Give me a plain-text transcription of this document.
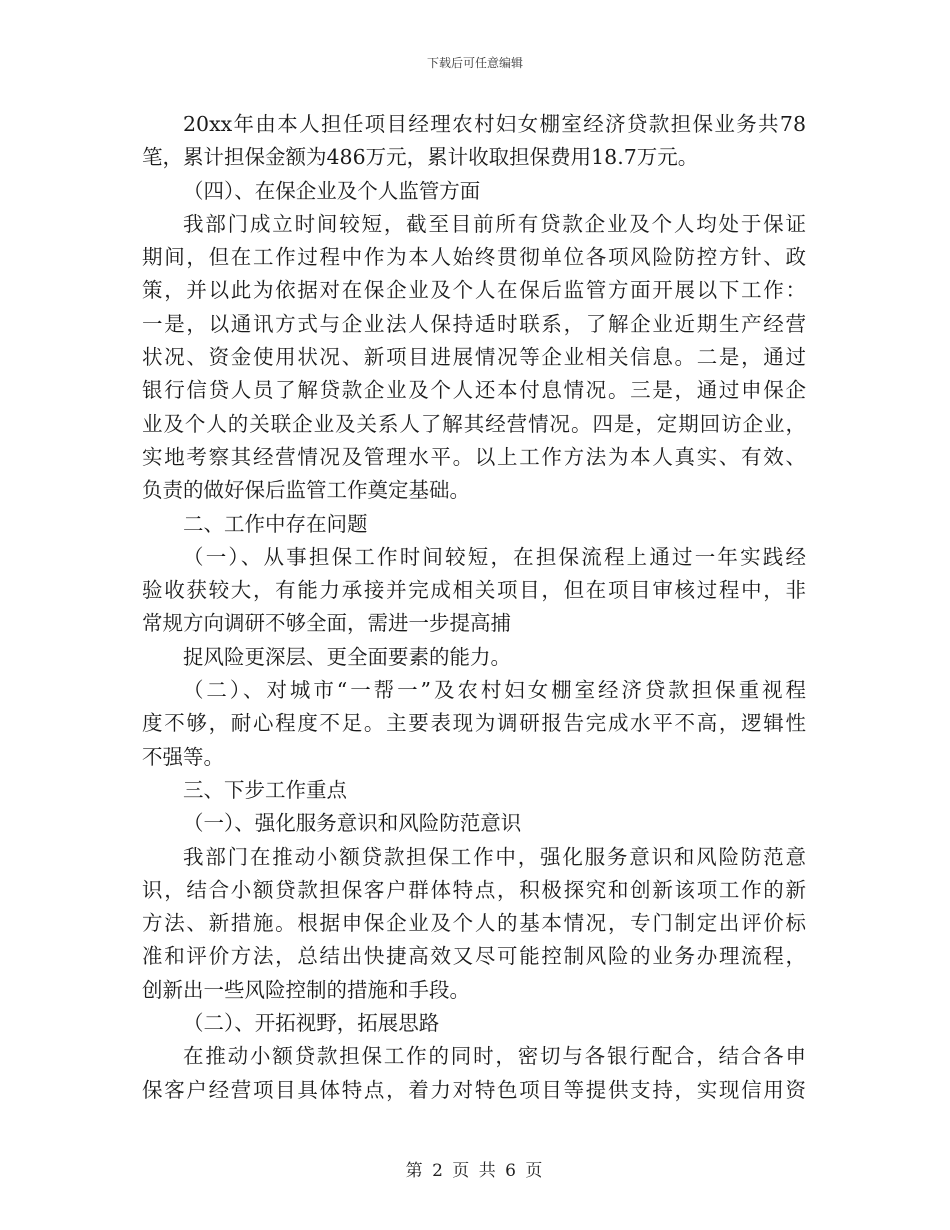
下载后可任意编辑
20xx年由本人担任项目经理农村妇女棚室经济贷款担保业务共78
笔，累计担保金额为486万元，累计收取担保费用18.7万元。
（四）、在保企业及个人监管方面
我部门成立时间较短，截至目前所有贷款企业及个人均处于保证
期间，但在工作过程中作为本人始终贯彻单位各项风险防控方针、政
策，并以此为依据对在保企业及个人在保后监管方面开展以下工作：
一是，以通讯方式与企业法人保持适时联系，了解企业近期生产经营
状况、资金使用状况、新项目进展情况等企业相关信息。二是，通过
银行信贷人员了解贷款企业及个人还本付息情况。三是，通过申保企
业及个人的关联企业及关系人了解其经营情况。四是，定期回访企业，
实地考察其经营情况及管理水平。以上工作方法为本人真实、有效、
负责的做好保后监管工作奠定基础。
二、工作中存在问题
（一）、从事担保工作时间较短，在担保流程上通过一年实践经
验收获较大，有能力承接并完成相关项目，但在项目审核过程中，非
常规方向调研不够全面，需进一步提高捕
捉风险更深层、更全面要素的能力。
（二）、对城市“一帮一”及农村妇女棚室经济贷款担保重视程
度不够，耐心程度不足。主要表现为调研报告完成水平不高，逻辑性
不强等。
三、下步工作重点
（一）、强化服务意识和风险防范意识
我部门在推动小额贷款担保工作中，强化服务意识和风险防范意
识，结合小额贷款担保客户群体特点，积极探究和创新该项工作的新
方法、新措施。根据申保企业及个人的基本情况，专门制定出评价标
准和评价方法，总结出快捷高效又尽可能控制风险的业务办理流程，
创新出一些风险控制的措施和手段。
（二）、开拓视野，拓展思路
在推动小额贷款担保工作的同时，密切与各银行配合，结合各申
保客户经营项目具体特点，着力对特色项目等提供支持，实现信用资
第 2 页 共 6 页
